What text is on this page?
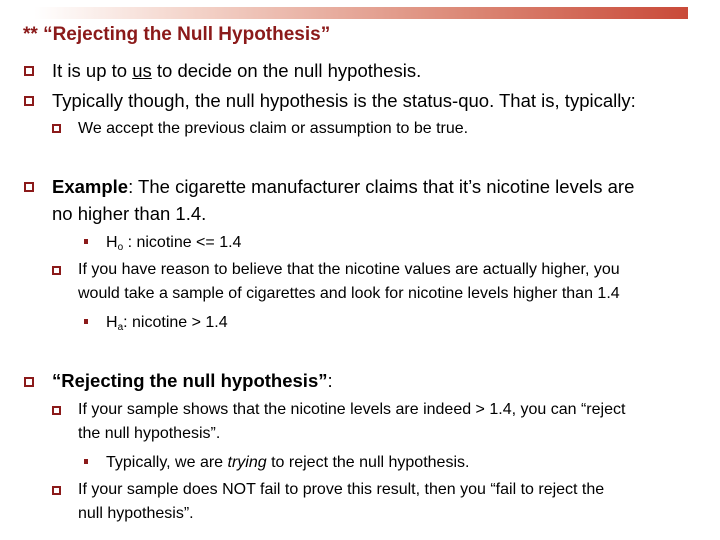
** “Rejecting the Null Hypothesis”
It is up to us to decide on the null hypothesis.
Typically though, the null hypothesis is the status-quo. That is, typically:
We accept the previous claim or assumption to be true.
Example: The cigarette manufacturer claims that it’s nicotine levels are
no higher than 1.4.
$H_o$ : nicotine <= 1.4
If you have reason to believe that the nicotine values are actually higher, you
would take a sample of cigarettes and look for nicotine levels higher than 1.4
$H_a$: nicotine > 1.4
“Rejecting the null hypothesis”:
If your sample shows that the nicotine levels are indeed > 1.4, you can “reject
the null hypothesis”.
Typically, we are trying to reject the null hypothesis.
If your sample does NOT fail to prove this result, then you “fail to reject the
null hypothesis”.
